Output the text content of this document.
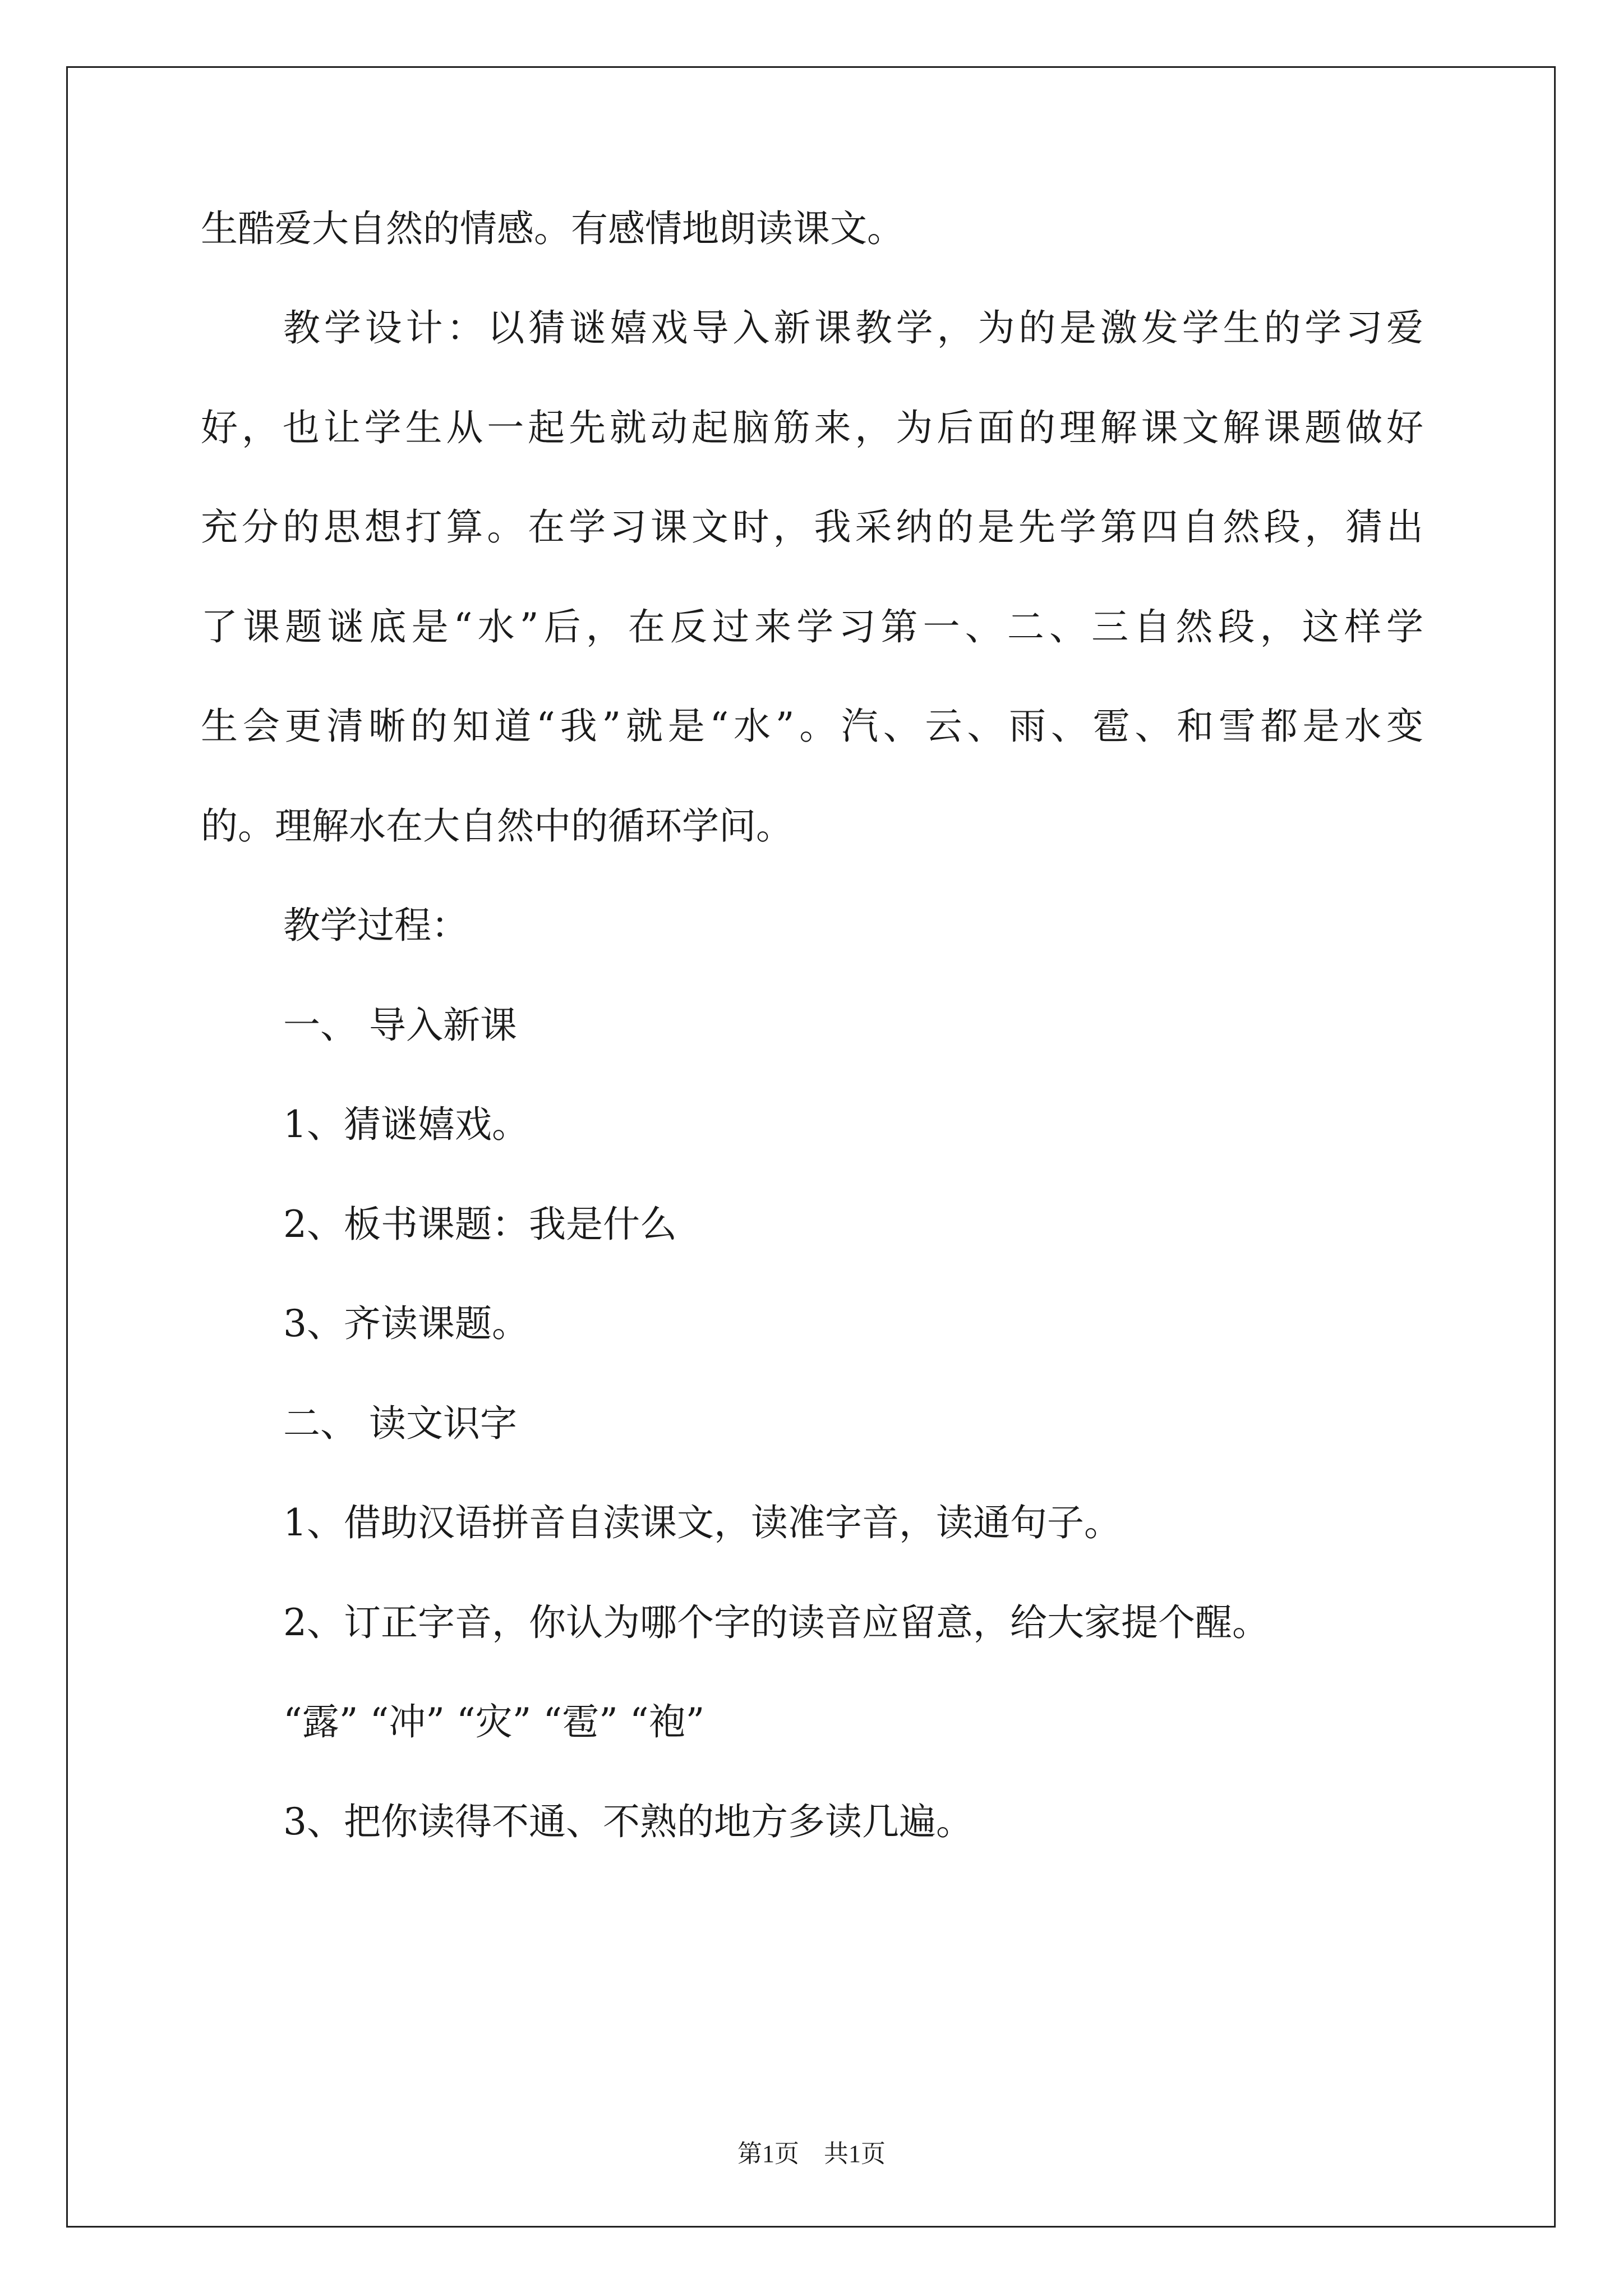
生酷爱大自然的情感。有感情地朗读课文。
教学设计：以猜谜嬉戏导入新课教学，为的是激发学生的学习爱
好，也让学生从一起先就动起脑筋来，为后面的理解课文解课题做好
充分的思想打算。在学习课文时，我采纳的是先学第四自然段，猜出
了课题谜底是“水”后，在反过来学习第一、二、三自然段，这样学
生会更清晰的知道“我”就是“水”。汽、云、雨、雹、和雪都是水变
的。理解水在大自然中的循环学问。
教学过程：
一、 导入新课
1、猜谜嬉戏。
2、板书课题：我是什么
3、齐读课题。
二、 读文识字
1、借助汉语拼音自渎课文，读准字音，读通句子。
2、订正字音，你认为哪个字的读音应留意，给大家提个醒。
“露” “冲” “灾” “雹” “袍”
3、把你读得不通、不熟的地方多读几遍。
第1页　共1页
